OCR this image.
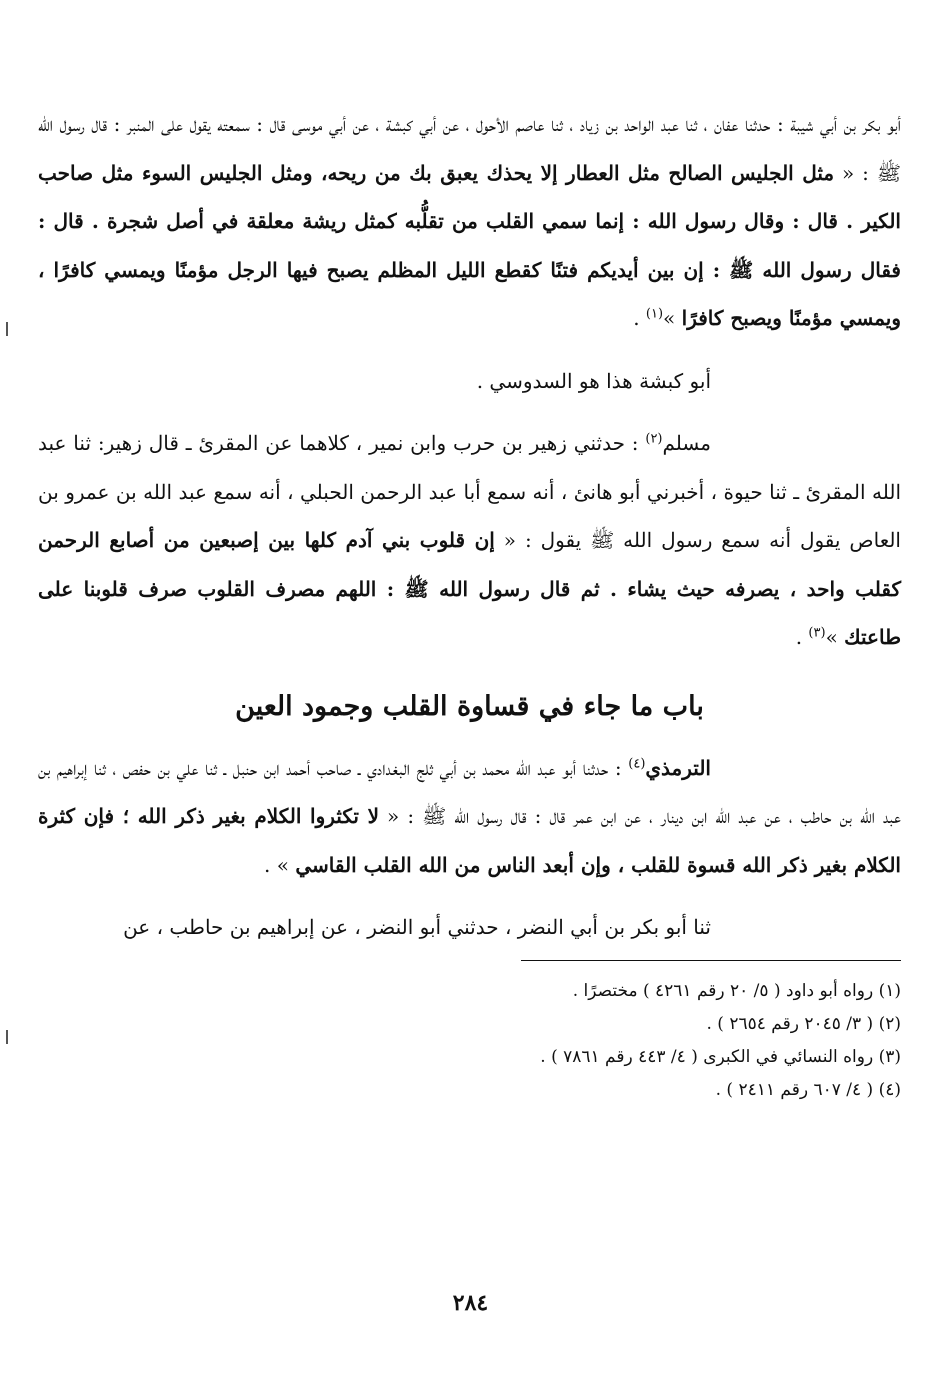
أبو بكر بن أبي شيبة : حدثنا عفان ، ثنا عبد الواحد بن زياد ، ثنا عاصم الأحول ، عن أبي كبشة ، عن أبي موسى قال : سمعته يقول على المنبر : قال رسول الله ﷺ : « مثل الجليس الصالح مثل العطار إلا يحذك يعبق بك من ريحه، ومثل الجليس السوء مثل صاحب الكير . قال : وقال رسول الله : إنما سمي القلب من تقلُّبه كمثل ريشة معلقة في أصل شجرة . قال : فقال رسول الله ﷺ : إن بين أيديكم فتنًا كقطع الليل المظلم يصبح فيها الرجل مؤمنًا ويمسي كافرًا ، ويمسي مؤمنًا ويصبح كافرًا »$^{(١)}$ .

أبو كبشة هذا هو السدوسي .

مسلم$^{(٢)}$ : حدثني زهير بن حرب وابن نمير ، كلاهما عن المقرئ ـ قال زهير: ثنا عبد الله المقرئ ـ ثنا حيوة ، أخبرني أبو هانئ ، أنه سمع أبا عبد الرحمن الحبلي ، أنه سمع عبد الله بن عمرو بن العاص يقول أنه سمع رسول الله ﷺ يقول : « إن قلوب بني آدم كلها بين إصبعين من أصابع الرحمن كقلب واحد ، يصرفه حيث يشاء . ثم قال رسول الله ﷺ : اللهم مصرف القلوب صرف قلوبنا على طاعتك »$^{(٣)}$ .

باب ما جاء في قساوة القلب وجمود العين

الترمذي$^{(٤)}$ : حدثنا أبو عبد الله محمد بن أبي ثلج البغدادي ـ صاحب أحمد ابن حنبل ـ ثنا علي بن حفص ، ثنا إبراهيم بن عبد الله بن حاطب ، عن عبد الله ابن دينار ، عن ابن عمر قال : قال رسول الله ﷺ : « لا تكثروا الكلام بغير ذكر الله ؛ فإن كثرة الكلام بغير ذكر الله قسوة للقلب ، وإن أبعد الناس من الله القلب القاسي » .

ثنا أبو بكر بن أبي النضر ، حدثني أبو النضر ، عن إبراهيم بن حاطب ، عن

(١) رواه أبو داود ( ٥/ ٢٠ رقم ٤٢٦١ ) مختصرًا .

(٢) ( ٣/ ٢٠٤٥ رقم ٢٦٥٤ ) .

(٣) رواه النسائي في الكبرى ( ٤/ ٤٤٣ رقم ٧٨٦١ ) .

(٤) ( ٤/ ٦٠٧ رقم ٢٤١١ ) .

٢٨٤
